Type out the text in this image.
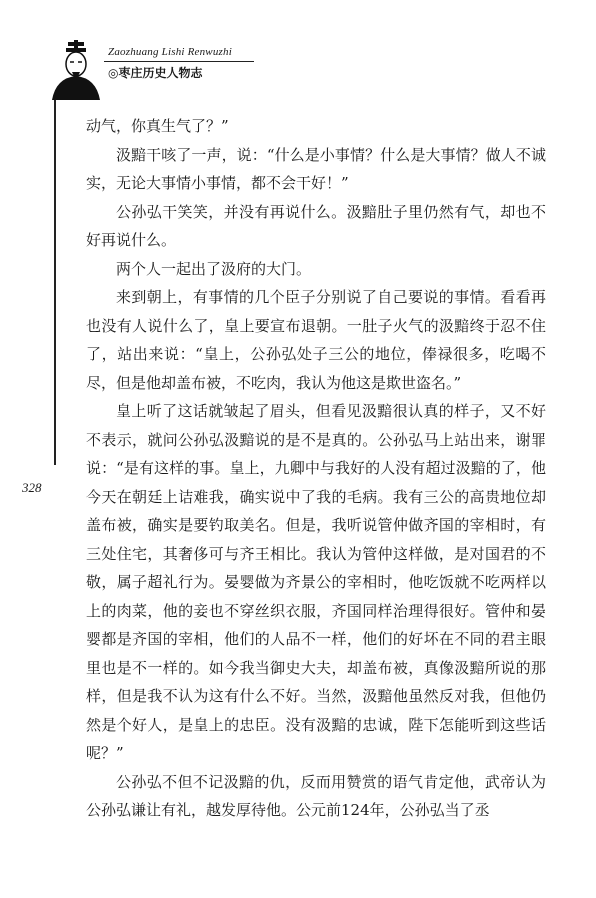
Zaozhuang Lishi Renwuzhi
◎枣庄历史人物志
328

动气，你真生气了？”

汲黯干咳了一声，说：“什么是小事情？什么是大事情？做人不诚实，无论大事情小事情，都不会干好！”

公孙弘干笑笑，并没有再说什么。汲黯肚子里仍然有气，却也不好再说什么。

两个人一起出了汲府的大门。

来到朝上，有事情的几个臣子分别说了自己要说的事情。看看再也没有人说什么了，皇上要宣布退朝。一肚子火气的汲黯终于忍不住了，站出来说：“皇上，公孙弘处子三公的地位，俸禄很多，吃喝不尽，但是他却盖布被，不吃肉，我认为他这是欺世盗名。”

皇上听了这话就皱起了眉头，但看见汲黯很认真的样子，又不好不表示，就问公孙弘汲黯说的是不是真的。公孙弘马上站出来，谢罪说：“是有这样的事。皇上，九卿中与我好的人没有超过汲黯的了，他今天在朝廷上诘难我，确实说中了我的毛病。我有三公的高贵地位却盖布被，确实是要钓取美名。但是，我听说管仲做齐国的宰相时，有三处住宅，其奢侈可与齐王相比。我认为管仲这样做，是对国君的不敬，属子超礼行为。晏婴做为齐景公的宰相时，他吃饭就不吃两样以上的肉菜，他的妾也不穿丝织衣服，齐国同样治理得很好。管仲和晏婴都是齐国的宰相，他们的人品不一样，他们的好坏在不同的君主眼里也是不一样的。如今我当御史大夫，却盖布被，真像汲黯所说的那样，但是我不认为这有什么不好。当然，汲黯他虽然反对我，但他仍然是个好人，是皇上的忠臣。没有汲黯的忠诚，陛下怎能听到这些话呢？”

公孙弘不但不记汲黯的仇，反而用赞赏的语气肯定他，武帝认为公孙弘谦让有礼，越发厚待他。公元前124年，公孙弘当了丞
